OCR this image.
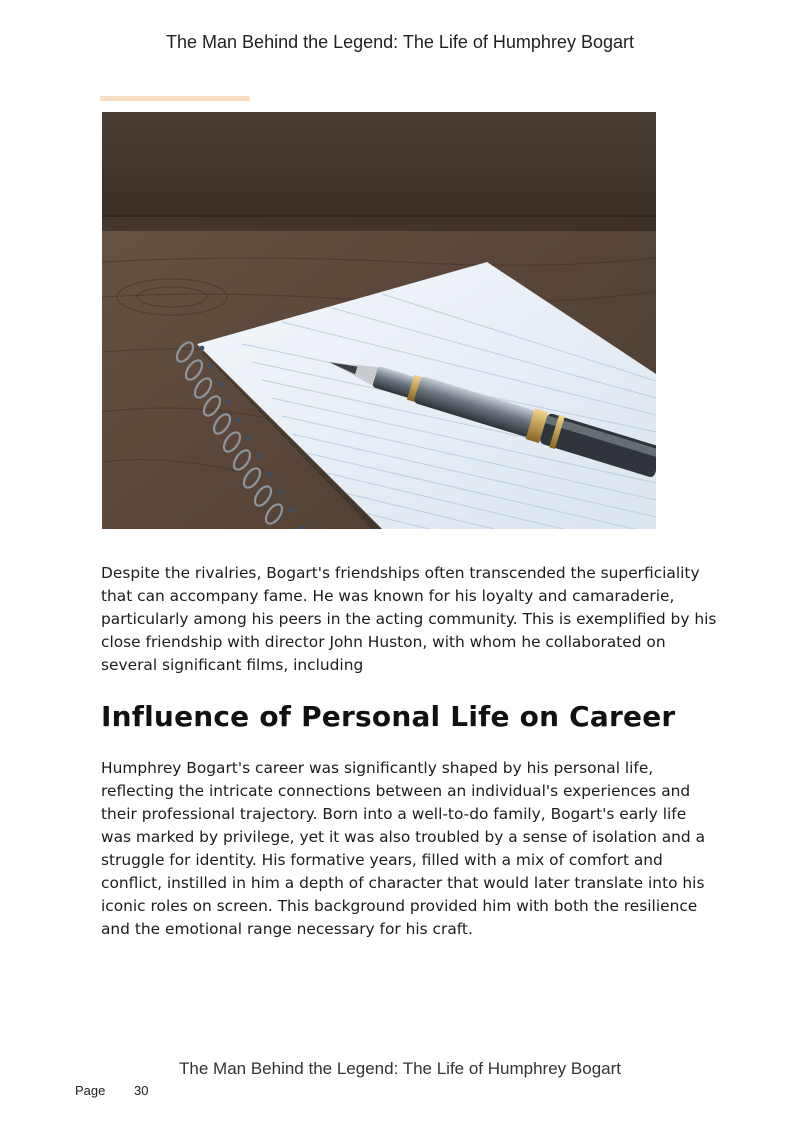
The Man Behind the Legend: The Life of Humphrey Bogart

Despite the rivalries, Bogart's friendships often transcended the superficiality that can accompany fame. He was known for his loyalty and camaraderie, particularly among his peers in the acting community. This is exemplified by his close friendship with director John Huston, with whom he collaborated on several significant films, including

Influence of Personal Life on Career

Humphrey Bogart's career was significantly shaped by his personal life, reflecting the intricate connections between an individual's experiences and their professional trajectory. Born into a well-to-do family, Bogart's early life was marked by privilege, yet it was also troubled by a sense of isolation and a struggle for identity. His formative years, filled with a mix of comfort and conflict, instilled in him a depth of character that would later translate into his iconic roles on screen. This background provided him with both the resilience and the emotional range necessary for his craft.

The Man Behind the Legend: The Life of Humphrey Bogart
Page 30
